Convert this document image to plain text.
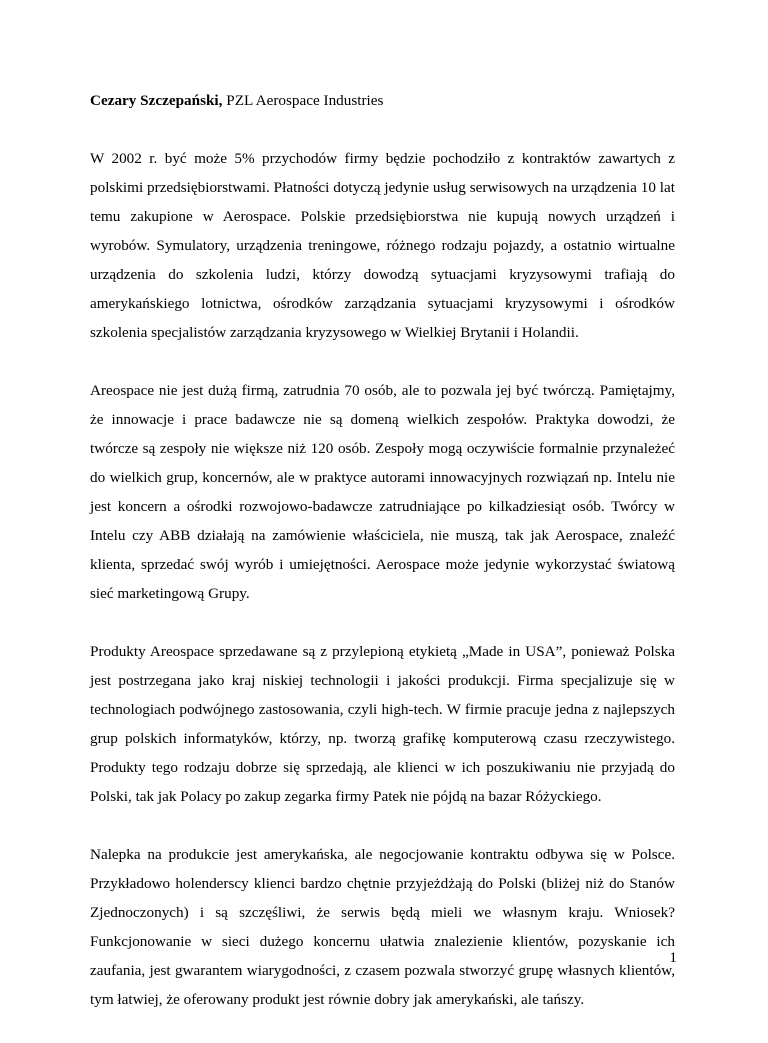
Cezary Szczepański, PZL Aerospace Industries

W 2002 r. być może 5% przychodów firmy będzie pochodziło z kontraktów zawartych z polskimi przedsiębiorstwami. Płatności dotyczą jedynie usług serwisowych na urządzenia 10 lat temu zakupione w Aerospace. Polskie przedsiębiorstwa nie kupują nowych urządzeń i wyrobów. Symulatory, urządzenia treningowe, różnego rodzaju pojazdy, a ostatnio wirtualne urządzenia do szkolenia ludzi, którzy dowodzą sytuacjami kryzysowymi trafiają do amerykańskiego lotnictwa, ośrodków zarządzania sytuacjami kryzysowymi i ośrodków szkolenia specjalistów zarządzania kryzysowego w Wielkiej Brytanii i Holandii.

Areospace nie jest dużą firmą, zatrudnia 70 osób, ale to pozwala jej być twórczą. Pamiętajmy, że innowacje i prace badawcze nie są domeną wielkich zespołów. Praktyka dowodzi, że twórcze są zespoły nie większe niż 120 osób. Zespoły mogą oczywiście formalnie przynależeć do wielkich grup, koncernów, ale w praktyce autorami innowacyjnych rozwiązań np. Intelu nie jest koncern a ośrodki rozwojowo-badawcze zatrudniające po kilkadziesiąt osób. Twórcy w Intelu czy ABB działają na zamówienie właściciela, nie muszą, tak jak Aerospace, znaleźć klienta, sprzedać swój wyrób i umiejętności. Aerospace może jedynie wykorzystać światową sieć marketingową Grupy.

Produkty Areospace sprzedawane są z przylepioną etykietą „Made in USA”, ponieważ Polska jest postrzegana jako kraj niskiej technologii i jakości produkcji. Firma specjalizuje się w technologiach podwójnego zastosowania, czyli high-tech. W firmie pracuje jedna z najlepszych grup polskich informatyków, którzy, np. tworzą grafikę komputerową czasu rzeczywistego. Produkty tego rodzaju dobrze się sprzedają, ale klienci w ich poszukiwaniu nie przyjadą do Polski, tak jak Polacy po zakup zegarka firmy Patek nie pójdą na bazar Różyckiego.

Nalepka na produkcie jest amerykańska, ale negocjowanie kontraktu odbywa się w Polsce. Przykładowo holenderscy klienci bardzo chętnie przyjeżdżają do Polski (bliżej niż do Stanów Zjednoczonych) i są szczęśliwi, że serwis będą mieli we własnym kraju. Wniosek? Funkcjonowanie w sieci dużego koncernu ułatwia znalezienie klientów, pozyskanie ich zaufania, jest gwarantem wiarygodności, z czasem pozwala stworzyć grupę własnych klientów, tym łatwiej, że oferowany produkt jest równie dobry jak amerykański, ale tańszy.

1
